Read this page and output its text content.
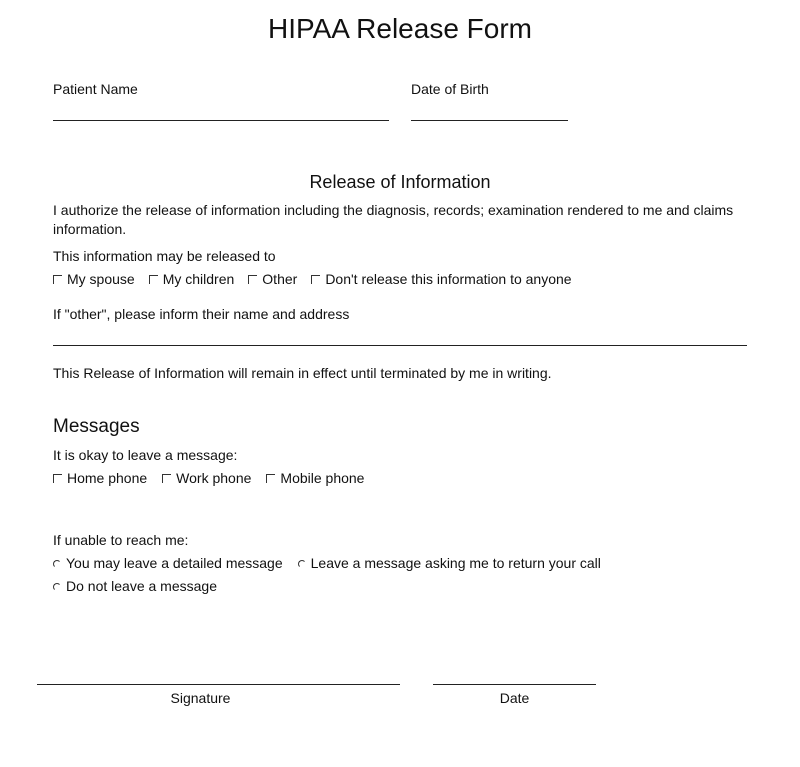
HIPAA Release Form
Patient Name	Date of Birth
Release of Information
I authorize the release of information including the diagnosis, records; examination rendered to me and claims information.
This information may be released to
My spouse My children Other Don't release this information to anyone
If "other", please inform their name and address
This Release of Information will remain in effect until terminated by me in writing.
Messages
It is okay to leave a message:
Home phone Work phone Mobile phone
If unable to reach me:
You may leave a detailed message Leave a message asking me to return your call
Do not leave a message
Signature	Date
